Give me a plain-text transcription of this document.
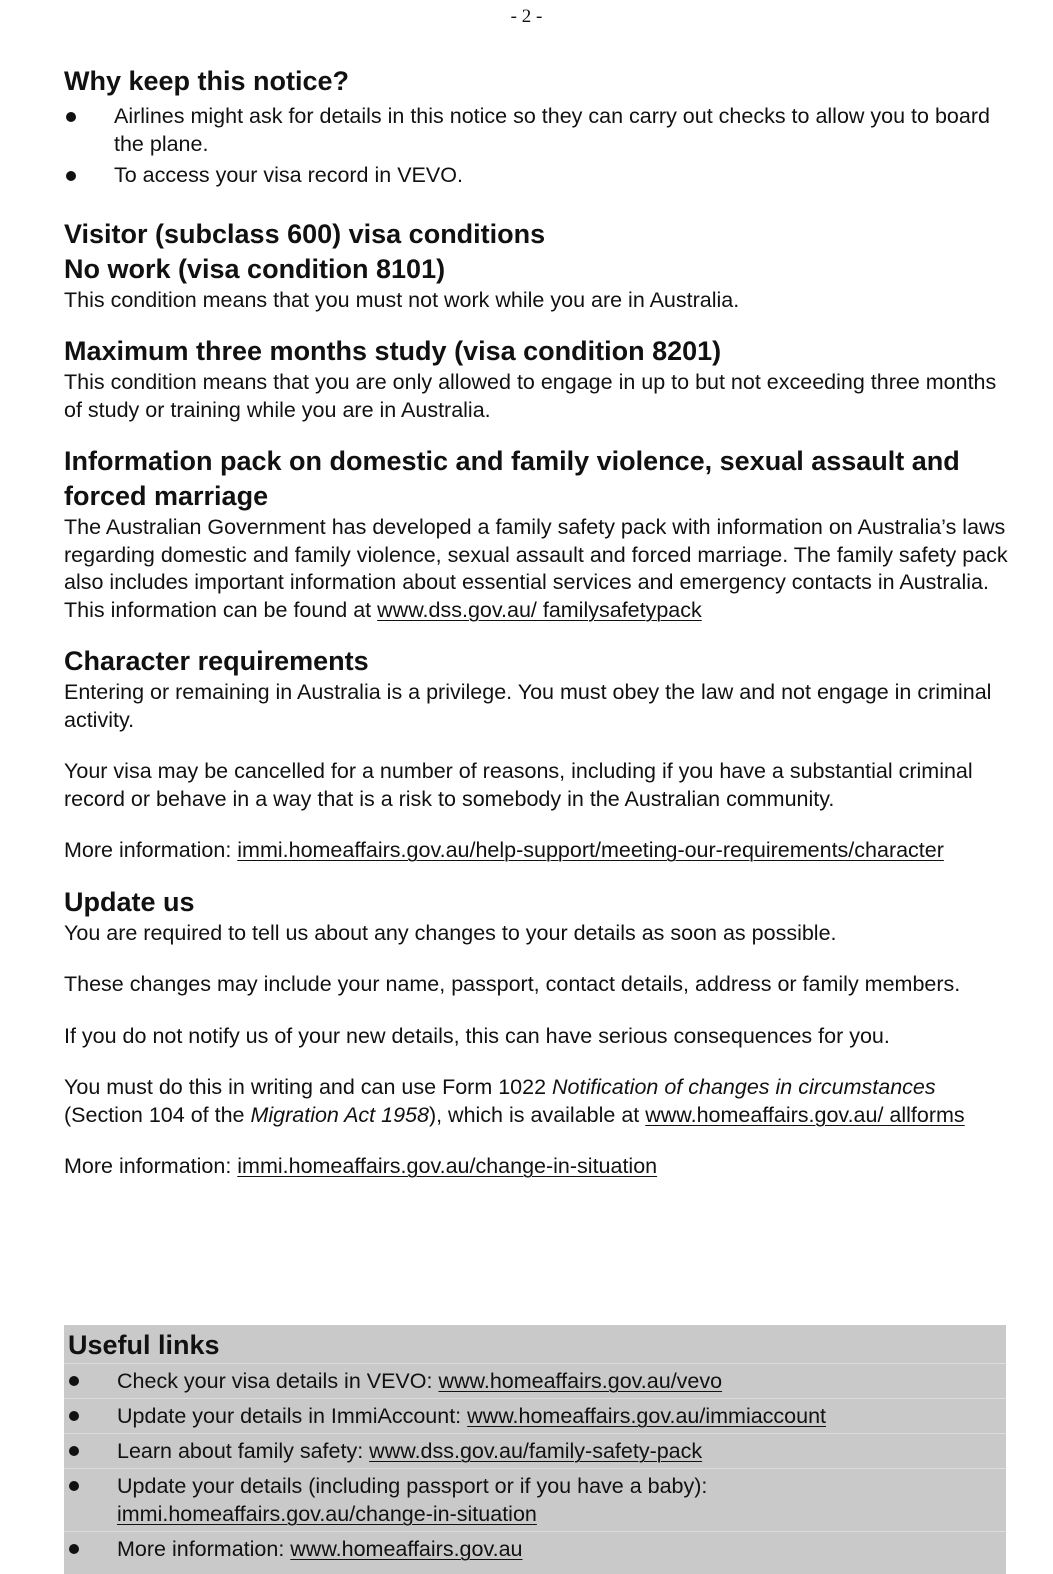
- 2 -
Why keep this notice?
Airlines might ask for details in this notice so they can carry out checks to allow you to board the plane.
To access your visa record in VEVO.
Visitor (subclass 600) visa conditions
No work (visa condition 8101)

This condition means that you must not work while you are in Australia.

Maximum three months study (visa condition 8201)

This condition means that you are only allowed to engage in up to but not exceeding three months of study or training while you are in Australia.

Information pack on domestic and family violence, sexual assault and forced marriage

The Australian Government has developed a family safety pack with information on Australia’s laws regarding domestic and family violence, sexual assault and forced marriage. The family safety pack also includes important information about essential services and emergency contacts in Australia. This information can be found at www.dss.gov.au/ familysafetypack

Character requirements

Entering or remaining in Australia is a privilege. You must obey the law and not engage in criminal activity.

Your visa may be cancelled for a number of reasons, including if you have a substantial criminal record or behave in a way that is a risk to somebody in the Australian community.

More information: immi.homeaffairs.gov.au/help-support/meeting-our-requirements/character

Update us

You are required to tell us about any changes to your details as soon as possible.

These changes may include your name, passport, contact details, address or family members.

If you do not notify us of your new details, this can have serious consequences for you.

You must do this in writing and can use Form 1022 Notification of changes in circumstances (Section 104 of the Migration Act 1958), which is available at www.homeaffairs.gov.au/ allforms

More information: immi.homeaffairs.gov.au/change-in-situation

Useful links
Check your visa details in VEVO: www.homeaffairs.gov.au/vevo
Update your details in ImmiAccount: www.homeaffairs.gov.au/immiaccount
Learn about family safety: www.dss.gov.au/family-safety-pack
Update your details (including passport or if you have a baby): immi.homeaffairs.gov.au/change-in-situation
More information: www.homeaffairs.gov.au
